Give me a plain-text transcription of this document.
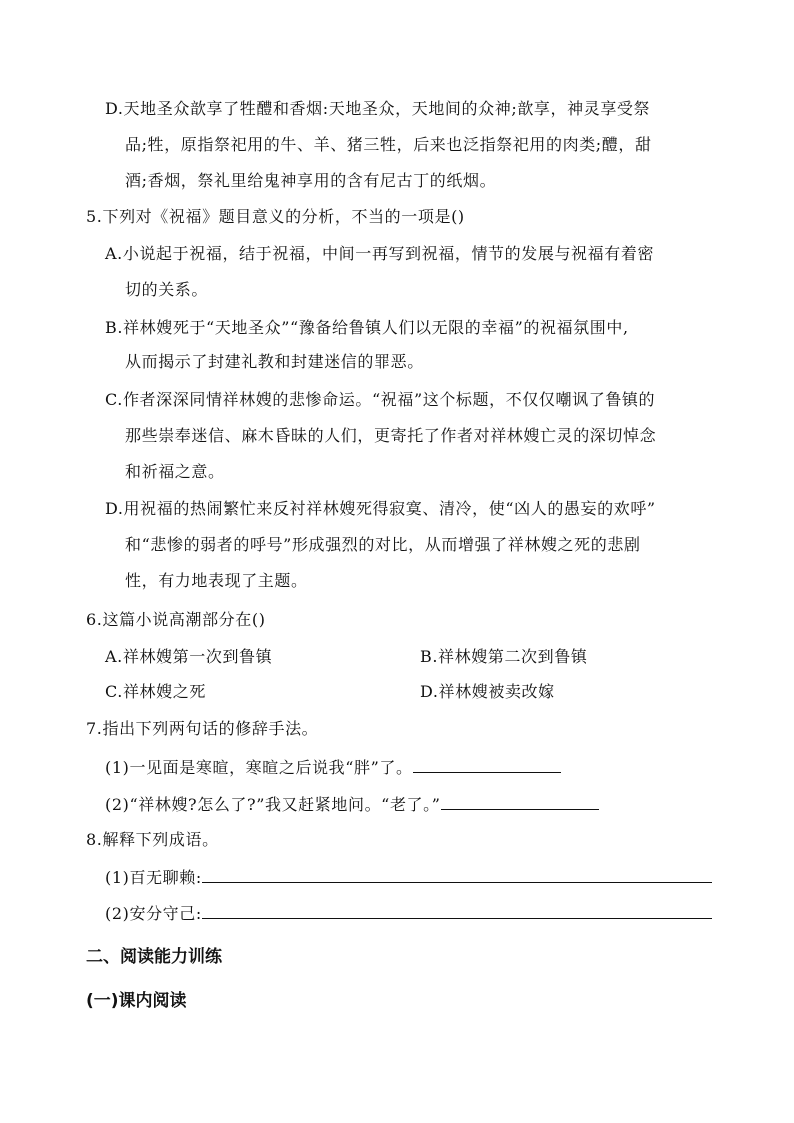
D.天地圣众歆享了牲醴和香烟:天地圣众，天地间的众神;歆享，神灵享受祭
品;牲，原指祭祀用的牛、羊、猪三牲，后来也泛指祭祀用的肉类;醴，甜
酒;香烟，祭礼里给鬼神享用的含有尼古丁的纸烟。
5.下列对《祝福》题目意义的分析，不当的一项是()
A.小说起于祝福，结于祝福，中间一再写到祝福，情节的发展与祝福有着密
切的关系。
B.祥林嫂死于“天地圣众”“豫备给鲁镇人们以无限的幸福”的祝福氛围中,
从而揭示了封建礼教和封建迷信的罪恶。
C.作者深深同情祥林嫂的悲惨命运。“祝福”这个标题，不仅仅嘲讽了鲁镇的
那些崇奉迷信、麻木昏昧的人们，更寄托了作者对祥林嫂亡灵的深切悼念
和祈福之意。
D.用祝福的热闹繁忙来反衬祥林嫂死得寂寞、清冷，使“凶人的愚妄的欢呼”
和“悲惨的弱者的呼号”形成强烈的对比，从而增强了祥林嫂之死的悲剧
性，有力地表现了主题。
6.这篇小说高潮部分在()
A.祥林嫂第一次到鲁镇	B.祥林嫂第二次到鲁镇
C.祥林嫂之死	D.祥林嫂被卖改嫁
7.指出下列两句话的修辞手法。
(1)一见面是寒暄，寒暄之后说我“胖”了。
(2)“祥林嫂?怎么了?”我又赶紧地问。“老了。”
8.解释下列成语。
(1)百无聊赖:
(2)安分守己:
二、阅读能力训练
(一)课内阅读
